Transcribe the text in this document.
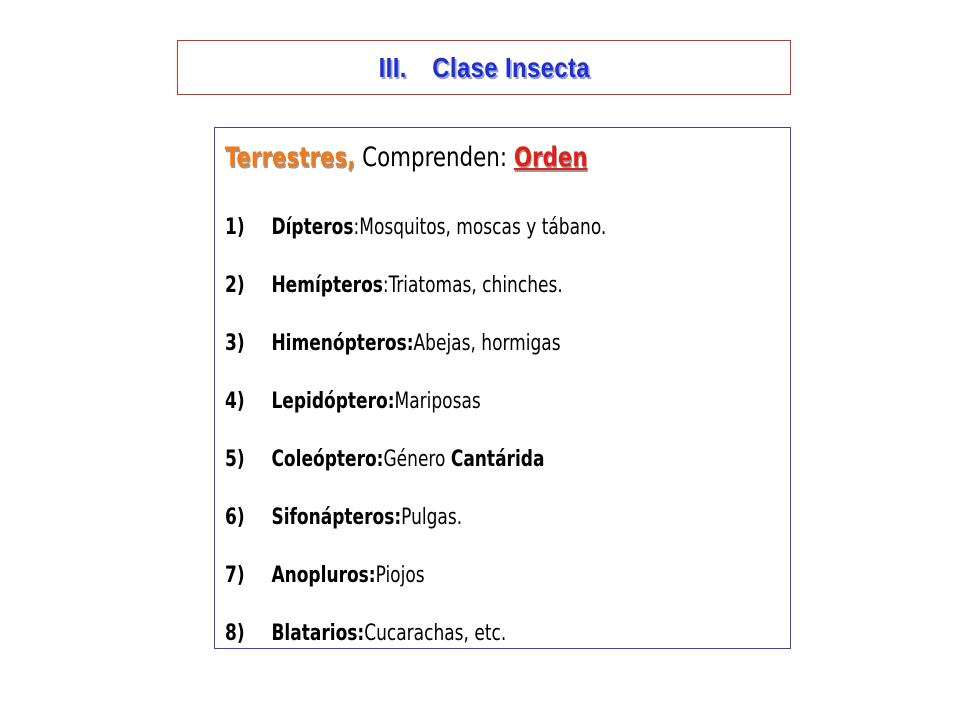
III. Clase Insecta
Terrestres, Comprenden: Orden
1)	Dípteros : Mosquitos, moscas y tábano.
2)	Hemípteros : Triatomas, chinches.
3)	Himenópteros: Abejas, hormigas
4)	Lepidóptero: Mariposas
5)	Coleóptero: Género
Cantárida
6)	Sifonápteros: Pulgas.
7)	Anopluros: Piojos
8)	Blatarios: Cucarachas, etc.
